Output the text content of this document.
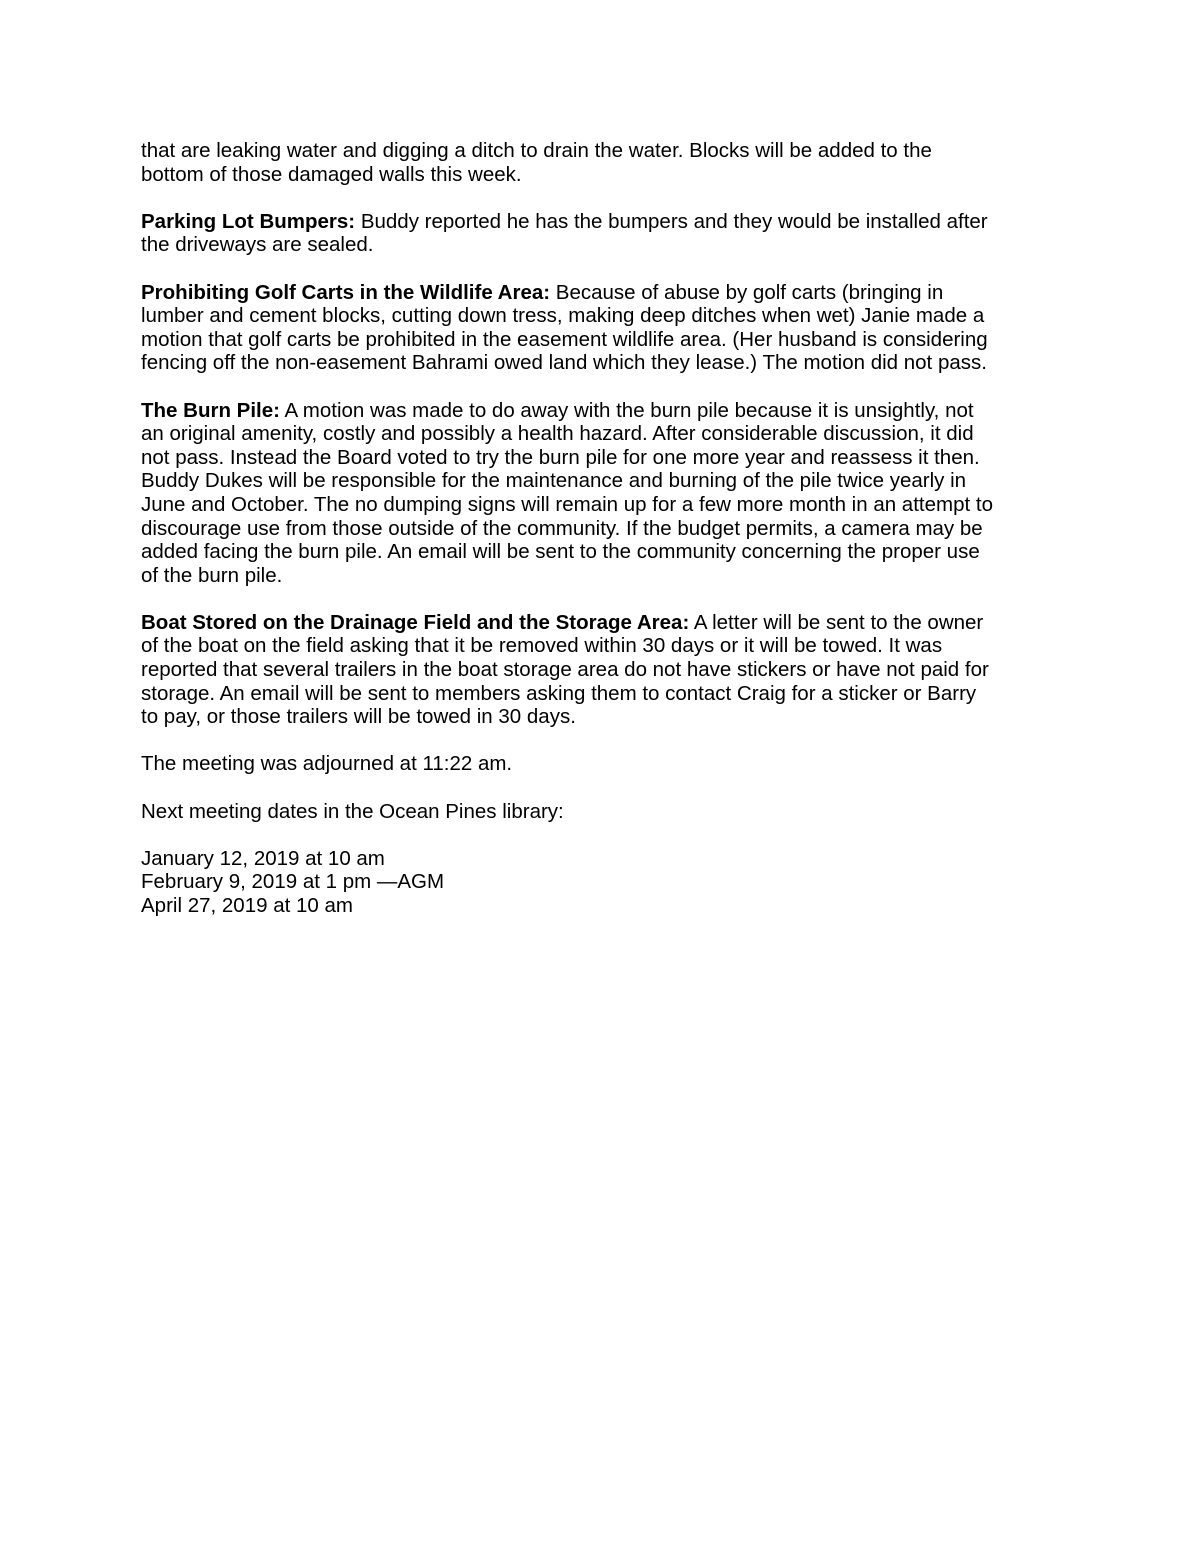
that are leaking water and digging a ditch to drain the water. Blocks will be added to the
bottom of those damaged walls this week.

Parking Lot Bumpers: Buddy reported he has the bumpers and they would be installed after
the driveways are sealed.

Prohibiting Golf Carts in the Wildlife Area: Because of abuse by golf carts (bringing in
lumber and cement blocks, cutting down tress, making deep ditches when wet) Janie made a
motion that golf carts be prohibited in the easement wildlife area. (Her husband is considering
fencing off the non-easement Bahrami owed land which they lease.) The motion did not pass.

The Burn Pile: A motion was made to do away with the burn pile because it is unsightly, not
an original amenity, costly and possibly a health hazard. After considerable discussion, it did
not pass. Instead the Board voted to try the burn pile for one more year and reassess it then.
Buddy Dukes will be responsible for the maintenance and burning of the pile twice yearly in
June and October. The no dumping signs will remain up for a few more month in an attempt to
discourage use from those outside of the community. If the budget permits, a camera may be
added facing the burn pile. An email will be sent to the community concerning the proper use
of the burn pile.

Boat Stored on the Drainage Field and the Storage Area: A letter will be sent to the owner
of the boat on the field asking that it be removed within 30 days or it will be towed. It was
reported that several trailers in the boat storage area do not have stickers or have not paid for
storage. An email will be sent to members asking them to contact Craig for a sticker or Barry
to pay, or those trailers will be towed in 30 days.

The meeting was adjourned at 11:22 am.

Next meeting dates in the Ocean Pines library:

January 12, 2019 at 10 am
February 9, 2019 at 1 pm —AGM
April 27, 2019 at 10 am
